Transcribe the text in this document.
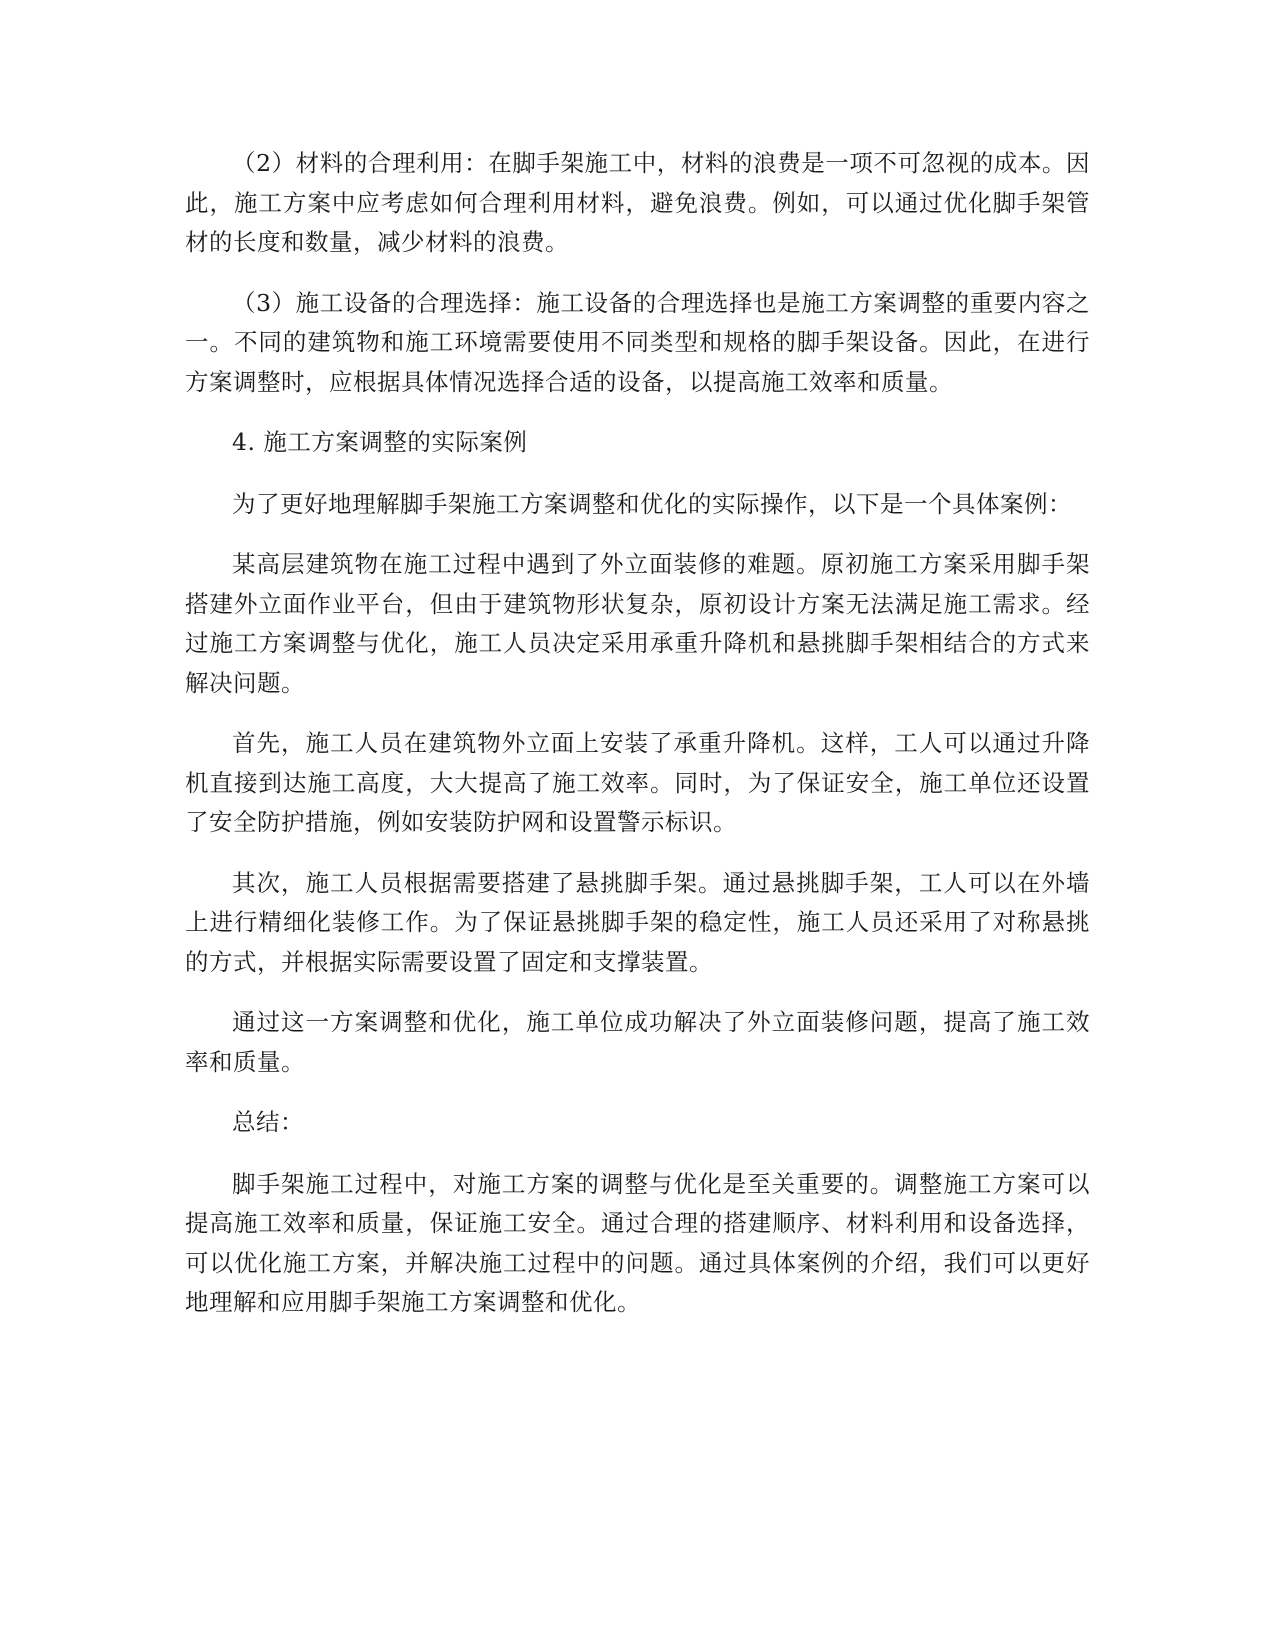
（2）材料的合理利用：在脚手架施工中，材料的浪费是一项不可忽视的成本。因此，施工方案中应考虑如何合理利用材料，避免浪费。例如，可以通过优化脚手架管材的长度和数量，减少材料的浪费。

（3）施工设备的合理选择：施工设备的合理选择也是施工方案调整的重要内容之一。不同的建筑物和施工环境需要使用不同类型和规格的脚手架设备。因此，在进行方案调整时，应根据具体情况选择合适的设备，以提高施工效率和质量。

4. 施工方案调整的实际案例

为了更好地理解脚手架施工方案调整和优化的实际操作，以下是一个具体案例：

某高层建筑物在施工过程中遇到了外立面装修的难题。原初施工方案采用脚手架搭建外立面作业平台，但由于建筑物形状复杂，原初设计方案无法满足施工需求。经过施工方案调整与优化，施工人员决定采用承重升降机和悬挑脚手架相结合的方式来解决问题。

首先，施工人员在建筑物外立面上安装了承重升降机。这样，工人可以通过升降机直接到达施工高度，大大提高了施工效率。同时，为了保证安全，施工单位还设置了安全防护措施，例如安装防护网和设置警示标识。

其次，施工人员根据需要搭建了悬挑脚手架。通过悬挑脚手架，工人可以在外墙上进行精细化装修工作。为了保证悬挑脚手架的稳定性，施工人员还采用了对称悬挑的方式，并根据实际需要设置了固定和支撑装置。

通过这一方案调整和优化，施工单位成功解决了外立面装修问题，提高了施工效率和质量。

总结：

脚手架施工过程中，对施工方案的调整与优化是至关重要的。调整施工方案可以提高施工效率和质量，保证施工安全。通过合理的搭建顺序、材料利用和设备选择，可以优化施工方案，并解决施工过程中的问题。通过具体案例的介绍，我们可以更好地理解和应用脚手架施工方案调整和优化。
